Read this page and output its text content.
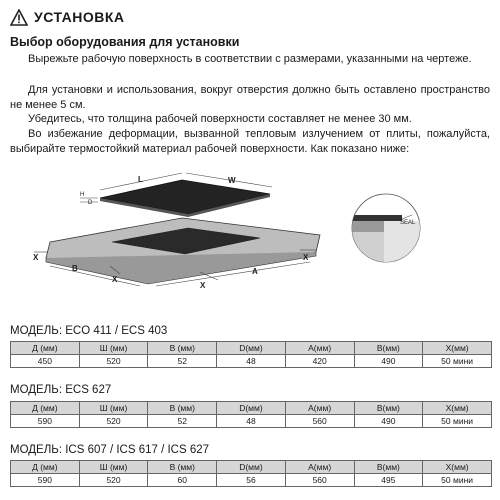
УСТАНОВКА
Выбор оборудования для установки
Вырежьте рабочую поверхность в соответствии с размерами, указанными на чертеже.
Для установки и использования, вокруг отверстия должно быть оставлено пространство не менее 5 см.
Убедитесь, что толщина рабочей поверхности составляет не менее 30 мм.
Во избежание деформации, вызванной тепловым излучением от плиты, пожалуйста, выбирайте термостойкий материал рабочей поверхности. Как показано ниже:
L	W
H
D
X
B
X
X
A
X
SEAL
МОДЕЛЬ: ECO 411 / ECS 403
Д (мм)	Ш (мм)	В (мм)	D(мм)	A(мм)	B(мм)	X(мм)
450	520	52	48	420	490	50 мини
МОДЕЛЬ: ECS 627
Д (мм)	Ш (мм)	В (мм)	D(мм)	A(мм)	B(мм)	X(мм)
590	520	52	48	560	490	50 мини
МОДЕЛЬ: ICS 607 / ICS 617 / ICS 627
Д (мм)	Ш (мм)	В (мм)	D(мм)	A(мм)	B(мм)	X(мм)
590	520	60	56	560	495	50 мини
